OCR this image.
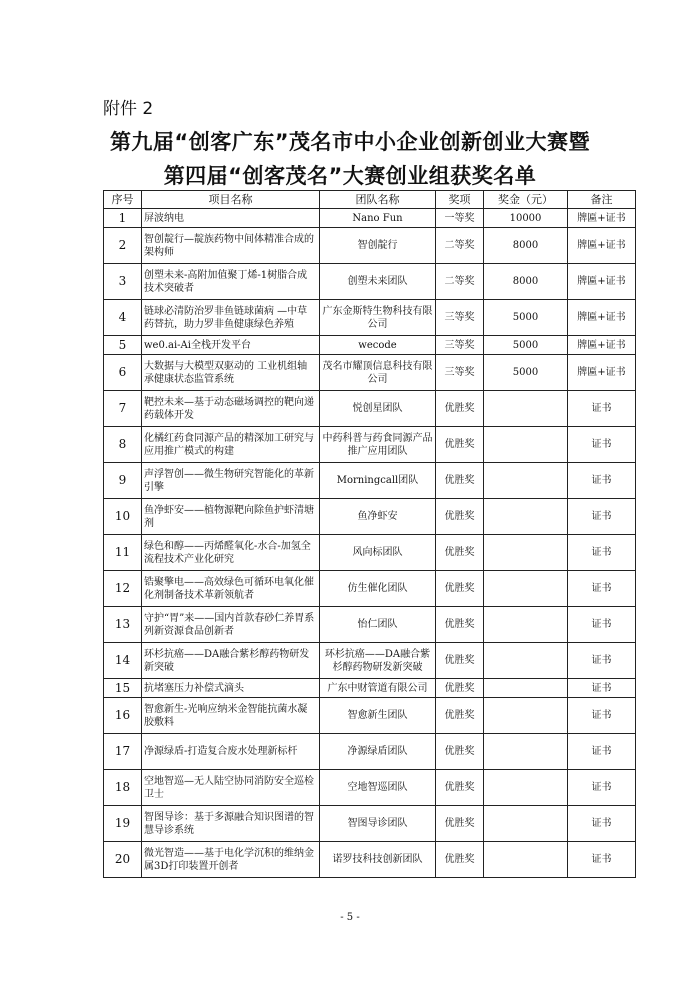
附件 2
第九届“创客广东”茂名市中小企业创新创业大赛暨
第四届“创客茂名”大赛创业组获奖名单
序号	项目名称	团队名称	奖项	奖金（元）	备注
1	屏波纳电	Nano Fun	一等奖	10000	牌匾+证书
2	智创靛行—靛族药物中间体精准合成的架构师	智创靛行	二等奖	8000	牌匾+证书
3	创塑未来-高附加值聚丁烯-1树脂合成技术突破者	创塑未来团队	二等奖	8000	牌匾+证书
4	链球必清防治罗非鱼链球菌病 —中草药替抗，助力罗非鱼健康绿色养殖	广东金斯特生物科技有限公司	三等奖	5000	牌匾+证书
5	we0.ai-Ai全栈开发平台	wecode	三等奖	5000	牌匾+证书
6	大数据与大模型双驱动的 工业机组轴承健康状态监管系统	茂名市耀顶信息科技有限公司	三等奖	5000	牌匾+证书
7	靶控未来—基于动态磁场调控的靶向递药载体开发	悦创星团队	优胜奖		证书
8	化橘红药食同源产品的精深加工研究与应用推广模式的构建	中药科普与药食同源产品推广应用团队	优胜奖		证书
9	声浮智创——微生物研究智能化的革新引擎	Morningcall团队	优胜奖		证书
10	鱼净虾安——植物源靶向除鱼护虾清塘剂	鱼净虾安	优胜奖		证书
11	绿色和醇——丙烯醛氧化-水合-加氢全流程技术产业化研究	风向标团队	优胜奖		证书
12	锆聚擎电——高效绿色可循环电氧化催化剂制备技术革新领航者	仿生催化团队	优胜奖		证书
13	守护“胃”来——国内首款春砂仁养胃系列新资源食品创新者	怡仁团队	优胜奖		证书
14	环杉抗癌——DA融合紫杉醇药物研发新突破	环杉抗癌——DA融合紫杉醇药物研发新突破	优胜奖		证书
15	抗堵塞压力补偿式滴头	广东中财管道有限公司	优胜奖		证书
16	智愈新生-光响应纳米金智能抗菌水凝胶敷料	智愈新生团队	优胜奖		证书
17	净源绿盾-打造复合废水处理新标杆	净源绿盾团队	优胜奖		证书
18	空地智巡—无人陆空协同消防安全巡检卫士	空地智巡团队	优胜奖		证书
19	智图导诊：基于多源融合知识图谱的智慧导诊系统	智图导诊团队	优胜奖		证书
20	微光智造——基于电化学沉积的维纳金属3D打印装置开创者	诺罗技科技创新团队	优胜奖		证书
- 5 -
